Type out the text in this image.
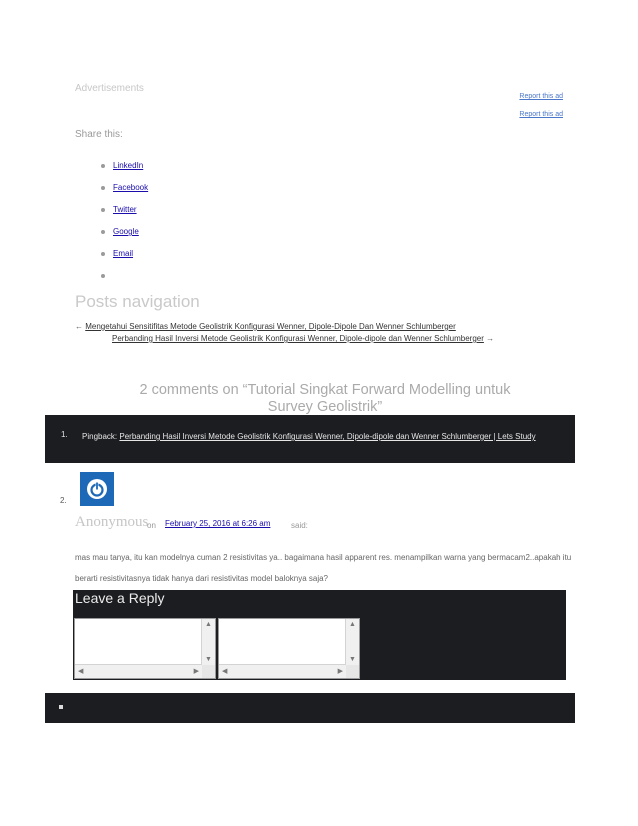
Advertisements
Report this ad
Report this ad
Share this:
LinkedIn
Facebook
Twitter
Google
Email
Posts navigation
← Mengetahui Sensitifitas Metode Geolistrik Konfigurasi Wenner, Dipole-Dipole Dan Wenner Schlumberger
Perbanding Hasil Inversi Metode Geolistrik Konfigurasi Wenner, Dipole-dipole dan Wenner Schlumberger →
2 comments on “Tutorial Singkat Forward Modelling untuk Survey Geolistrik”
1. Pingback: Perbanding Hasil Inversi Metode Geolistrik Konfigurasi Wenner, Dipole-dipole dan Wenner Schlumberger | Lets Study
2.
Anonymous
on February 25, 2016 at 6:26 am	said:
mas mau tanya, itu kan modelnya cuman 2 resistivitas ya.. bagaimana hasil apparent res. menampilkan warna yang bermacam2..apakah itu berarti resistivitasnya tidak hanya dari resistivitas model baloknya saja?
Leave a Reply
▲
▼
◀	▶
▲
▼
◀	▶
